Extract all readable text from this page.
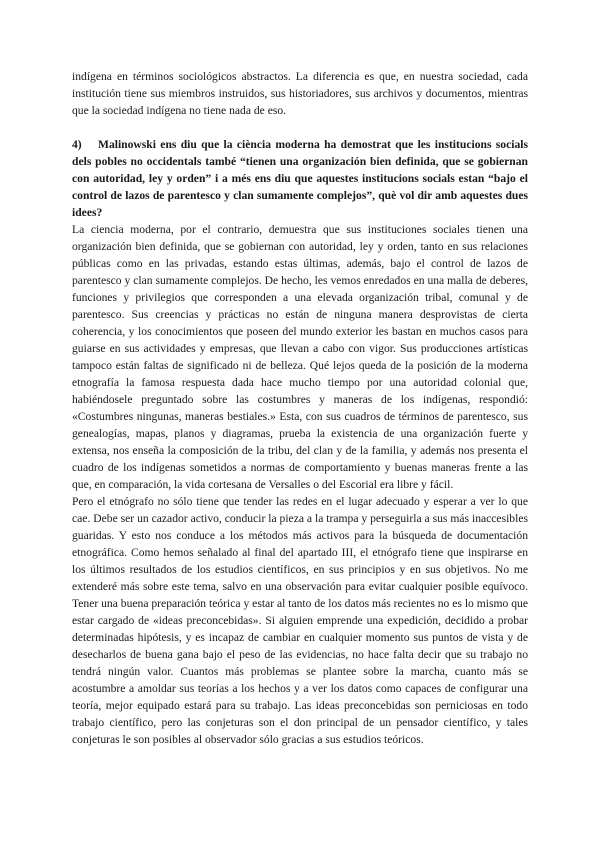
indígena en términos sociológicos abstractos. La diferencia es que, en nuestra sociedad, cada institución tiene sus miembros instruidos, sus historiadores, sus archivos y documentos, mientras que la sociedad indígena no tiene nada de eso.

4) Malinowski ens diu que la ciència moderna ha demostrat que les institucions socials dels pobles no occidentals també “tienen una organización bien definida, que se gobiernan con autoridad, ley y orden” i a més ens diu que aquestes institucions socials estan “bajo el control de lazos de parentesco y clan sumamente complejos”, què vol dir amb aquestes dues idees?

La ciencia moderna, por el contrario, demuestra que sus instituciones sociales tienen una organización bien definida, que se gobiernan con autoridad, ley y orden, tanto en sus relaciones públicas como en las privadas, estando estas últimas, además, bajo el control de lazos de parentesco y clan sumamente complejos. De hecho, les vemos enredados en una malla de deberes, funciones y privilegios que corresponden a una elevada organización tribal, comunal y de parentesco. Sus creencias y prácticas no están de ninguna manera desprovistas de cierta coherencia, y los conocimientos que poseen del mundo exterior les bastan en muchos casos para guiarse en sus actividades y empresas, que llevan a cabo con vigor. Sus producciones artísticas tampoco están faltas de significado ni de belleza. Qué lejos queda de la posición de la moderna etnografía la famosa respuesta dada hace mucho tiempo por una autoridad colonial que, habiéndosele preguntado sobre las costumbres y maneras de los indígenas, respondió: «Costumbres ningunas, maneras bestiales.» Esta, con sus cuadros de términos de parentesco, sus genealogías, mapas, planos y diagramas, prueba la existencia de una organización fuerte y extensa, nos enseña la composición de la tribu, del clan y de la familia, y además nos presenta el cuadro de los indígenas sometidos a normas de comportamiento y buenas maneras frente a las que, en comparación, la vida cortesana de Versalles o del Escorial era libre y fácil.

Pero el etnógrafo no sólo tiene que tender las redes en el lugar adecuado y esperar a ver lo que cae. Debe ser un cazador activo, conducir la pieza a la trampa y perseguirla a sus más inaccesibles guaridas. Y esto nos conduce a los métodos más activos para la búsqueda de documentación etnográfica. Como hemos señalado al final del apartado III, el etnógrafo tiene que inspirarse en los últimos resultados de los estudios científicos, en sus principios y en sus objetivos. No me extenderé más sobre este tema, salvo en una observación para evitar cualquier posible equívoco. Tener una buena preparación teórica y estar al tanto de los datos más recientes no es lo mismo que estar cargado de «ideas preconcebidas». Si alguien emprende una expedición, decidido a probar determinadas hipótesis, y es incapaz de cambiar en cualquier momento sus puntos de vista y de desecharlos de buena gana bajo el peso de las evidencias, no hace falta decir que su trabajo no tendrá ningún valor. Cuantos más problemas se plantee sobre la marcha, cuanto más se acostumbre a amoldar sus teorías a los hechos y a ver los datos como capaces de configurar una teoría, mejor equipado estará para su trabajo. Las ideas preconcebidas son perniciosas en todo trabajo científico, pero las conjeturas son el don principal de un pensador científico, y tales conjeturas le son posibles al observador sólo gracias a sus estudios teóricos.
